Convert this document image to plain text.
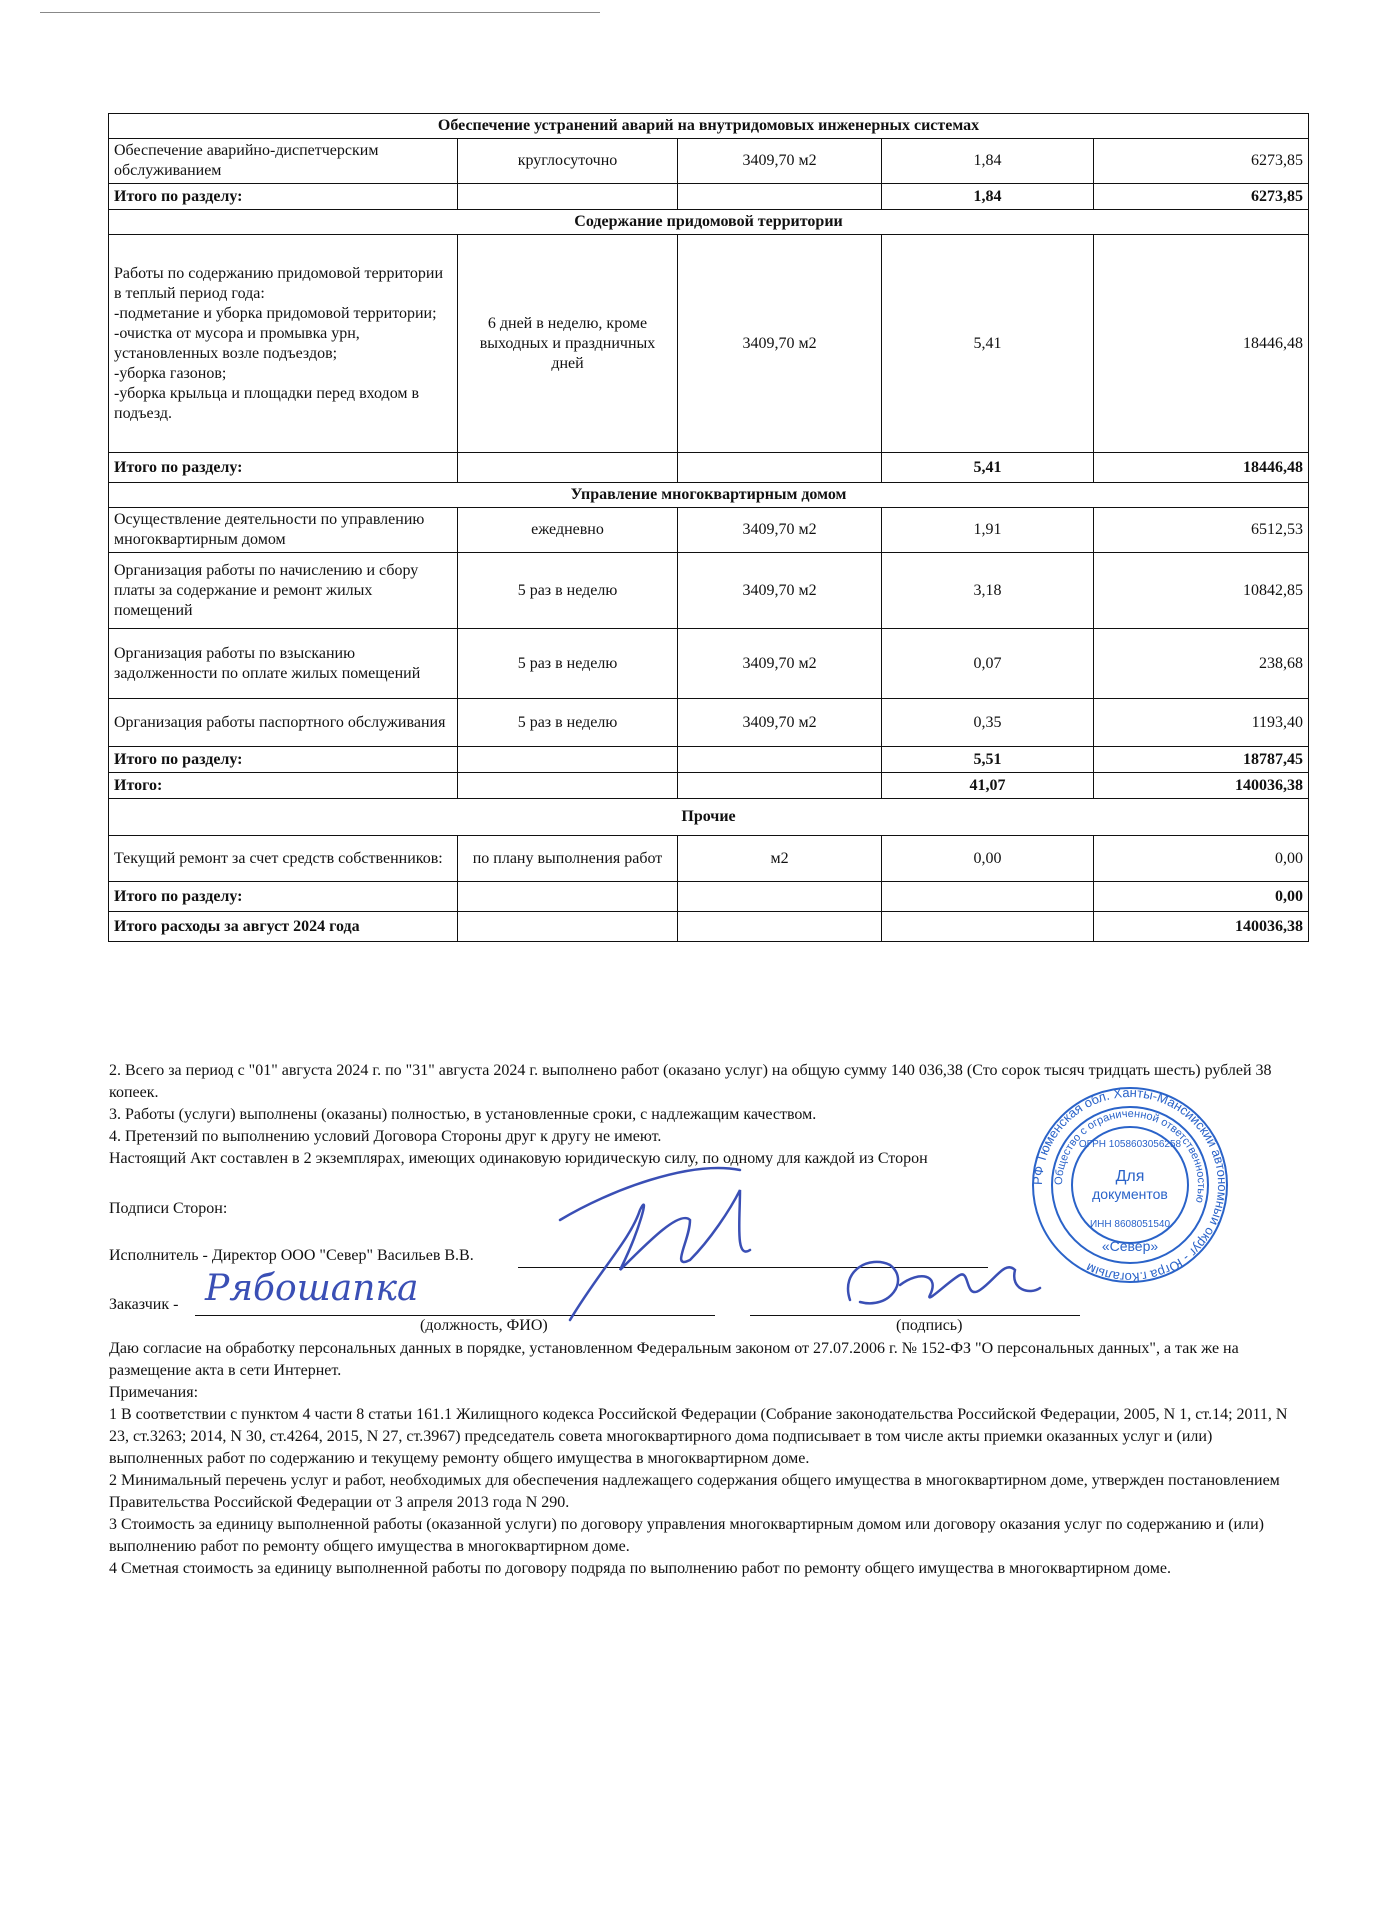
Обеспечение устранений аварий на внутридомовых инженерных системах				
Обеспечение аварийно-диспетчерским обслуживанием	круглосуточно	3409,70 м2	1,84	6273,85
Итого по разделу:			1,84	6273,85
Содержание придомовой территории				
Работы по содержанию придомовой территории в теплый период года:
-подметание и уборка придомовой территории;
-очистка от мусора и промывка урн, установленных возле подъездов;
-уборка газонов;
-уборка крыльца и площадки перед входом в подъезд.	6 дней в неделю, кроме выходных и праздничных дней	3409,70 м2	5,41	18446,48
Итого по разделу:			5,41	18446,48
Управление многоквартирным домом				
Осуществление деятельности по управлению многоквартирным домом	ежедневно	3409,70 м2	1,91	6512,53
Организация работы по начислению и сбору платы за содержание и ремонт жилых помещений	5 раз в неделю	3409,70 м2	3,18	10842,85
Организация работы по взысканию задолженности по оплате жилых помещений	5 раз в неделю	3409,70 м2	0,07	238,68
Организация работы паспортного обслуживания	5 раз в неделю	3409,70 м2	0,35	1193,40
Итого по разделу:			5,51	18787,45
Итого:			41,07	140036,38
Прочие				
Текущий ремонт за счет средств собственников:	по плану выполнения работ	м2	0,00	0,00
Итого по разделу:				0,00
Итого расходы за август 2024 года				140036,38

2. Всего за период с "01" августа 2024 г. по "31" августа 2024 г. выполнено работ (оказано услуг) на общую сумму 140 036,38 (Сто сорок тысяч тридцать шесть) рублей 38 копеек.

3. Работы (услуги) выполнены (оказаны) полностью, в установленные сроки, с надлежащим качеством.

4. Претензий по выполнению условий Договора Стороны друг к другу не имеют.

Настоящий Акт составлен в 2 экземплярах, имеющих одинаковую юридическую силу, по одному для каждой из Сторон

Подписи Сторон:
Исполнитель - Директор ООО "Север" Васильев В.В.
Заказчик - Рябошапка
(должность, ФИО)	(подпись)
РФ Тюменская обл. Ханты-Мансийский автономный округ - Югра г.Когалым
Общество с ограниченной ответственностью
ОГРН 1058603056258
Для
документов
ИНН 8608051540
«Север»

Даю согласие на обработку персональных данных в порядке, установленном Федеральным законом от 27.07.2006 г. № 152-ФЗ "О персональных данных", а так же на размещение акта в сети Интернет.

Примечания:

1 В соответствии с пунктом 4 части 8 статьи 161.1 Жилищного кодекса Российской Федерации (Собрание законодательства Российской Федерации, 2005, N 1, ст.14; 2011, N 23, ст.3263; 2014, N 30, ст.4264, 2015, N 27, ст.3967) председатель совета многоквартирного дома подписывает в том числе акты приемки оказанных услуг и (или) выполненных работ по содержанию и текущему ремонту общего имущества в многоквартирном доме.

2 Минимальный перечень услуг и работ, необходимых для обеспечения надлежащего содержания общего имущества в многоквартирном доме, утвержден постановлением Правительства Российской Федерации от 3 апреля 2013 года N 290.

3 Стоимость за единицу выполненной работы (оказанной услуги) по договору управления многоквартирным домом или договору оказания услуг по содержанию и (или) выполнению работ по ремонту общего имущества в многоквартирном доме.

4 Сметная стоимость за единицу выполненной работы по договору подряда по выполнению работ по ремонту общего имущества в многоквартирном доме.
